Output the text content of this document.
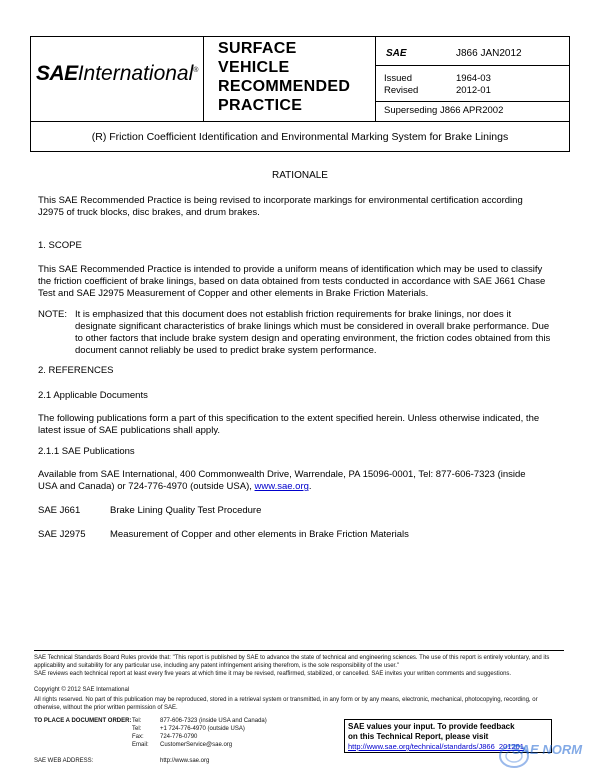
SAEInternational®
SURFACE
VEHICLE
RECOMMENDED
PRACTICE
SAE	J866 JAN2012
Issued	1964-03
Revised	2012-01
Superseding J866 APR2002
(R) Friction Coefficient Identification and Environmental Marking System for Brake Linings
RATIONALE
This SAE Recommended Practice is being revised to incorporate markings for environmental certification according
J2975 of truck blocks, disc brakes, and drum brakes.
1. SCOPE
This SAE Recommended Practice is intended to provide a uniform means of identification which may be used to classify
the friction coefficient of brake linings, based on data obtained from tests conducted in accordance with SAE J661 Chase
Test and SAE J2975 Measurement of Copper and other elements in Brake Friction Materials.
NOTE: It is emphasized that this document does not establish friction requirements for brake linings, nor does it
designate significant characteristics of brake linings which must be considered in overall brake performance. Due
to other factors that include brake system design and operating environment, the friction codes obtained from this
document cannot reliably be used to predict brake system performance.
2. REFERENCES
2.1 Applicable Documents
The following publications form a part of this specification to the extent specified herein. Unless otherwise indicated, the
latest issue of SAE publications shall apply.
2.1.1 SAE Publications
Available from SAE International, 400 Commonwealth Drive, Warrendale, PA 15096-0001, Tel: 877-606-7323 (inside
USA and Canada) or 724-776-4970 (outside USA), www.sae.org.
SAE J661	Brake Lining Quality Test Procedure
SAE J2975	Measurement of Copper and other elements in Brake Friction Materials
SAE Technical Standards Board Rules provide that: "This report is published by SAE to advance the state of technical and engineering sciences. The use of this report is entirely voluntary, and its applicability and suitability for any particular use, including any patent infringement arising therefrom, is the sole responsibility of the user."
SAE reviews each technical report at least every five years at which time it may be revised, reaffirmed, stabilized, or cancelled. SAE invites your written comments and suggestions.
Copyright © 2012 SAE International
All rights reserved. No part of this publication may be reproduced, stored in a retrieval system or transmitted, in any form or by any means, electronic, mechanical, photocopying, recording, or otherwise, without the prior written permission of SAE.
TO PLACE A DOCUMENT ORDER: Tel:	877-606-7323 (inside USA and Canada)
Tel:	+1 724-776-4970 (outside USA)
Fax:	724-776-0790
Email: CustomerService@sae.org
SAE WEB ADDRESS:	http://www.sae.org
SAE values your input. To provide feedback
on this Technical Report, please visit
http://www.sae.org/technical/standards/J866_201201
SAE NORM
